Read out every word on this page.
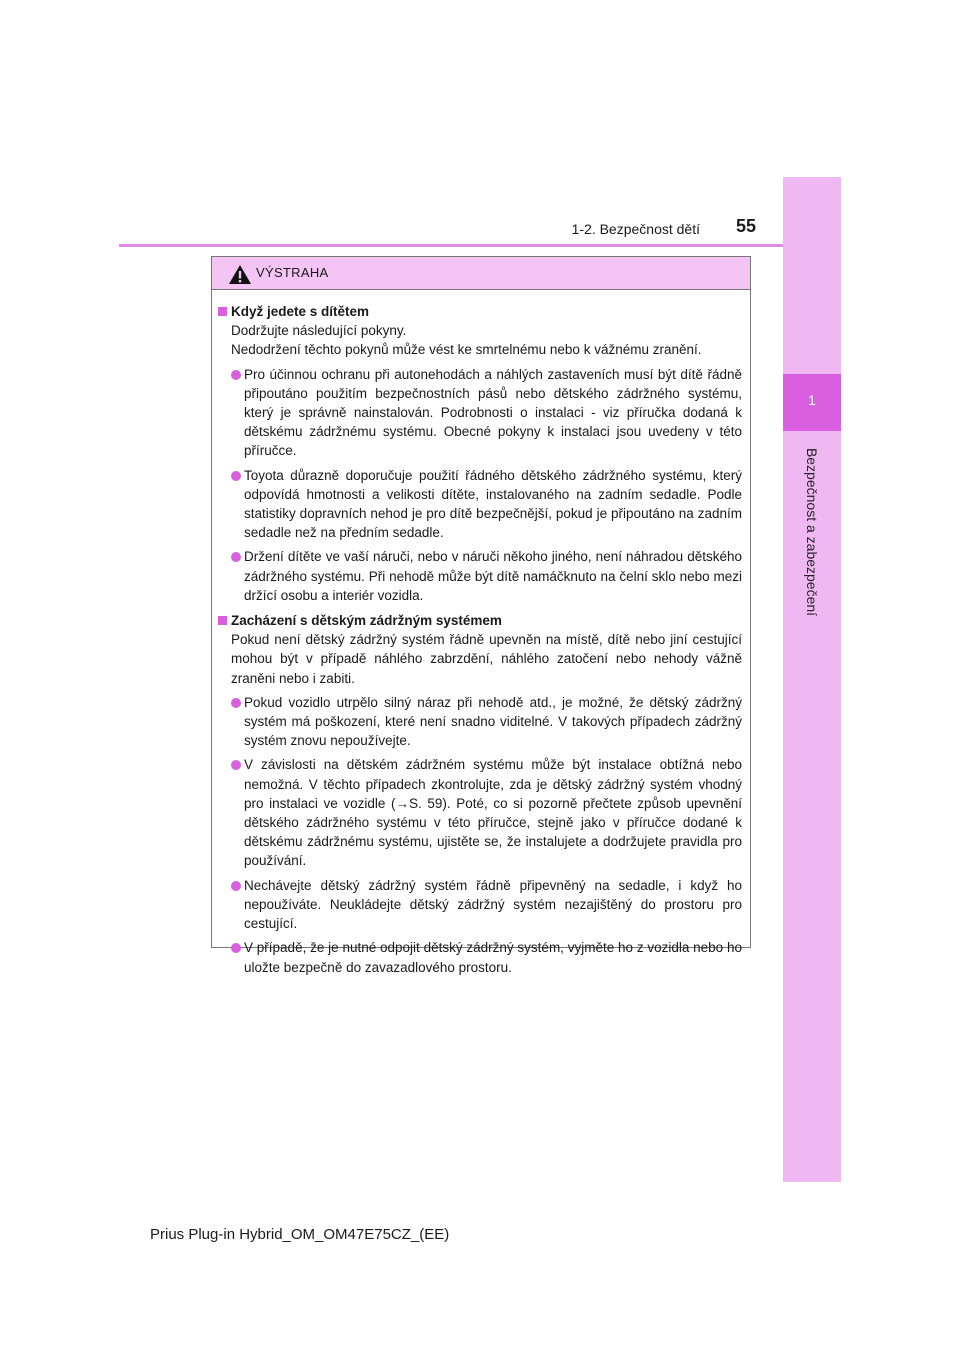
1
Bezpečnost a zabezpečení
55
1-2. Bezpečnost dětí
VÝSTRAHA
Když jedete s dítětem
Dodržujte následující pokyny.
Nedodržení těchto pokynů může vést ke smrtelnému nebo k vážnému zranění.
Pro účinnou ochranu při autonehodách a náhlých zastaveních musí být dítě řádně připoutáno použitím bezpečnostních pásů nebo dětského zádržného systému, který je správně nainstalován. Podrobnosti o instalaci - viz příručka dodaná k dětskému zádržnému systému. Obecné pokyny k instalaci jsou uvedeny v této příručce.
Toyota důrazně doporučuje použití řádného dětského zádržného systému, který odpovídá hmotnosti a velikosti dítěte, instalovaného na zadním sedadle. Podle statistiky dopravních nehod je pro dítě bezpečnější, pokud je připoutáno na zadním sedadle než na předním sedadle.
Držení dítěte ve vaší náruči, nebo v náruči někoho jiného, není náhradou dětského zádržného systému. Při nehodě může být dítě namáčknuto na čelní sklo nebo mezi držící osobu a interiér vozidla.
Zacházení s dětským zádržným systémem
Pokud není dětský zádržný systém řádně upevněn na místě, dítě nebo jiní cestující mohou být v případě náhlého zabrzdění, náhlého zatočení nebo nehody vážně zraněni nebo i zabiti.
Pokud vozidlo utrpělo silný náraz při nehodě atd., je možné, že dětský zádržný systém má poškození, které není snadno viditelné. V takových případech zádržný systém znovu nepoužívejte.
V závislosti na dětském zádržném systému může být instalace obtížná nebo nemožná. V těchto případech zkontrolujte, zda je dětský zádržný systém vhodný pro instalaci ve vozidle (→S. 59). Poté, co si pozorně přečtete způsob upevnění dětského zádržného systému v této příručce, stejně jako v příručce dodané k dětskému zádržnému systému, ujistěte se, že instalujete a dodržujete pravidla pro používání.
Nechávejte dětský zádržný systém řádně připevněný na sedadle, i když ho nepoužíváte. Neukládejte dětský zádržný systém nezajištěný do prostoru pro cestující.
V případě, že je nutné odpojit dětský zádržný systém, vyjměte ho z vozidla nebo ho uložte bezpečně do zavazadlového prostoru.
Prius Plug-in Hybrid_OM_OM47E75CZ_(EE)
